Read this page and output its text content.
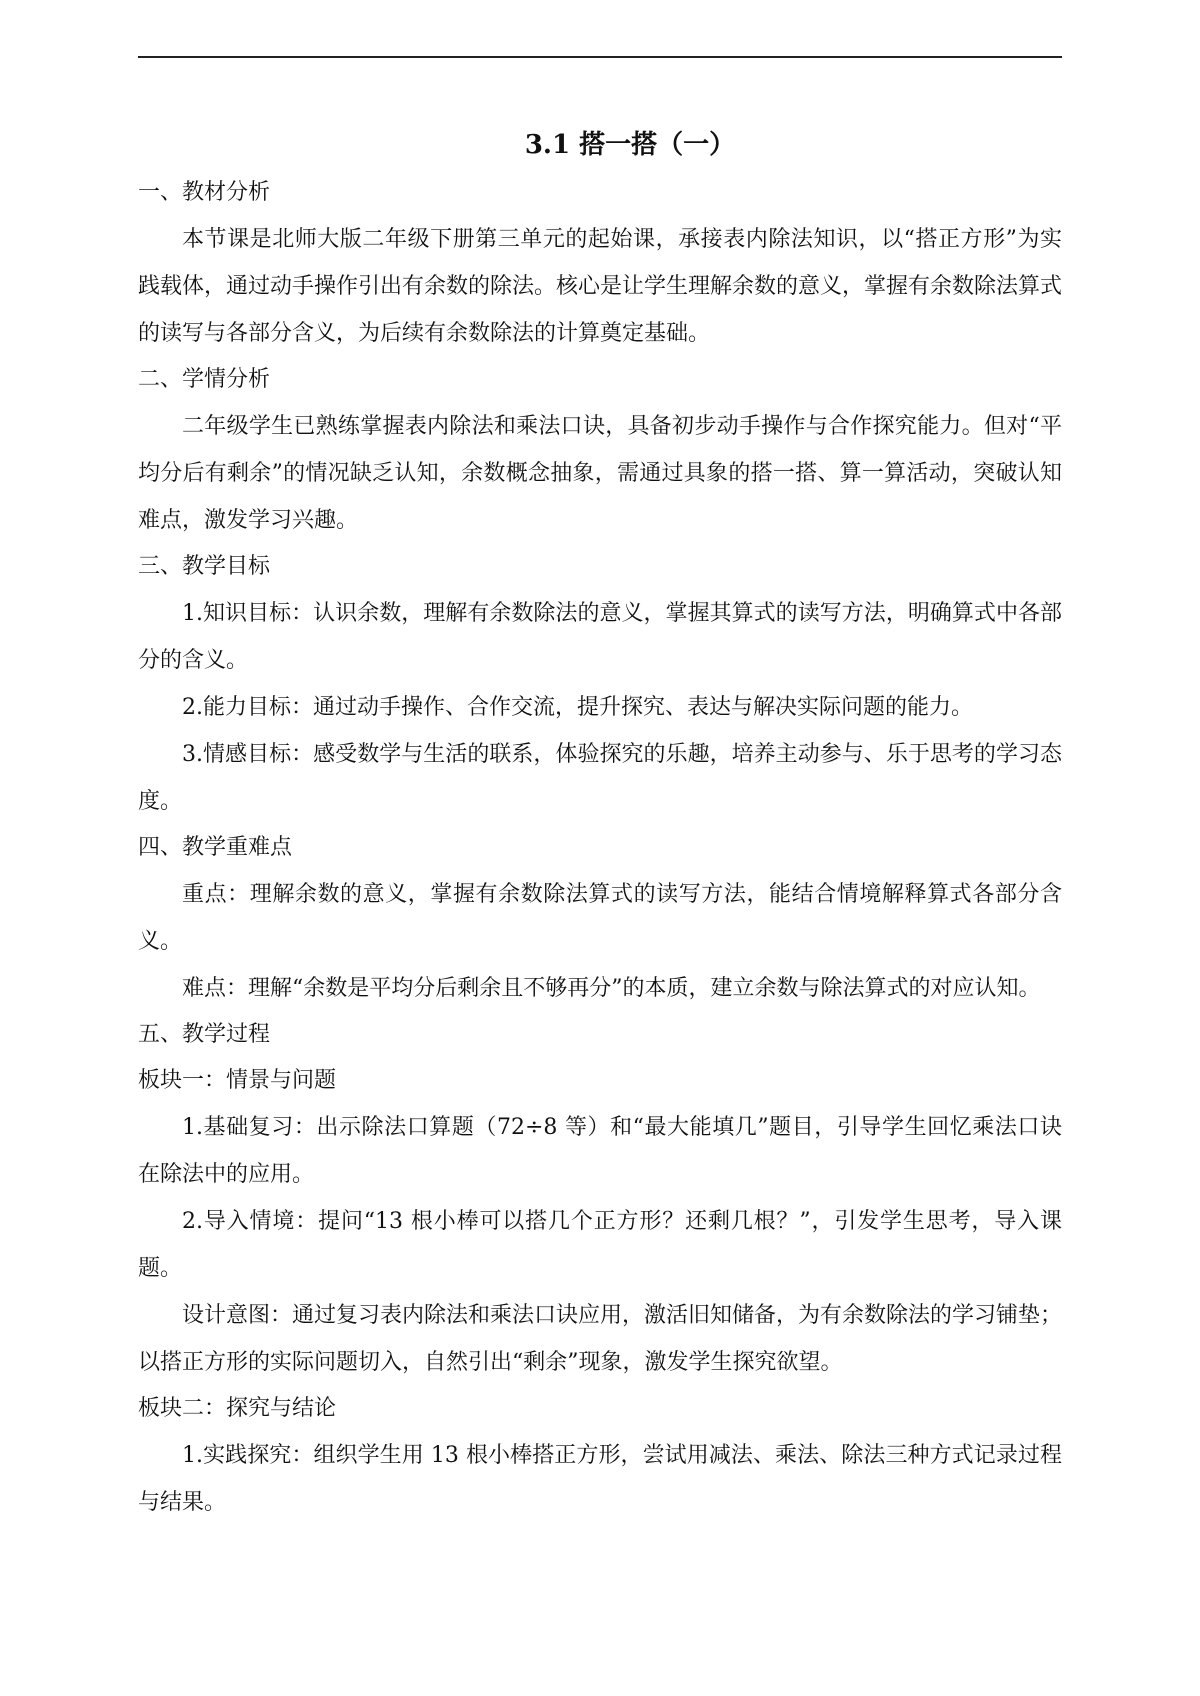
3.1 搭一搭（一）

一、教材分析

本节课是北师大版二年级下册第三单元的起始课，承接表内除法知识，以“搭正方形”为实践载体，通过动手操作引出有余数的除法。核心是让学生理解余数的意义，掌握有余数除法算式的读写与各部分含义，为后续有余数除法的计算奠定基础。

二、学情分析

二年级学生已熟练掌握表内除法和乘法口诀，具备初步动手操作与合作探究能力。但对“平均分后有剩余”的情况缺乏认知，余数概念抽象，需通过具象的搭一搭、算一算活动，突破认知难点，激发学习兴趣。

三、教学目标

1.知识目标：认识余数，理解有余数除法的意义，掌握其算式的读写方法，明确算式中各部分的含义。

2.能力目标：通过动手操作、合作交流，提升探究、表达与解决实际问题的能力。

3.情感目标：感受数学与生活的联系，体验探究的乐趣，培养主动参与、乐于思考的学习态度。

四、教学重难点

重点：理解余数的意义，掌握有余数除法算式的读写方法，能结合情境解释算式各部分含义。

难点：理解“余数是平均分后剩余且不够再分”的本质，建立余数与除法算式的对应认知。

五、教学过程

板块一：情景与问题

1.基础复习：出示除法口算题（72÷8 等）和“最大能填几”题目，引导学生回忆乘法口诀在除法中的应用。

2.导入情境：提问“13 根小棒可以搭几个正方形？还剩几根？”，引发学生思考，导入课题。

设计意图：通过复习表内除法和乘法口诀应用，激活旧知储备，为有余数除法的学习铺垫；以搭正方形的实际问题切入，自然引出“剩余”现象，激发学生探究欲望。

板块二：探究与结论

1.实践探究：组织学生用 13 根小棒搭正方形，尝试用减法、乘法、除法三种方式记录过程与结果。
